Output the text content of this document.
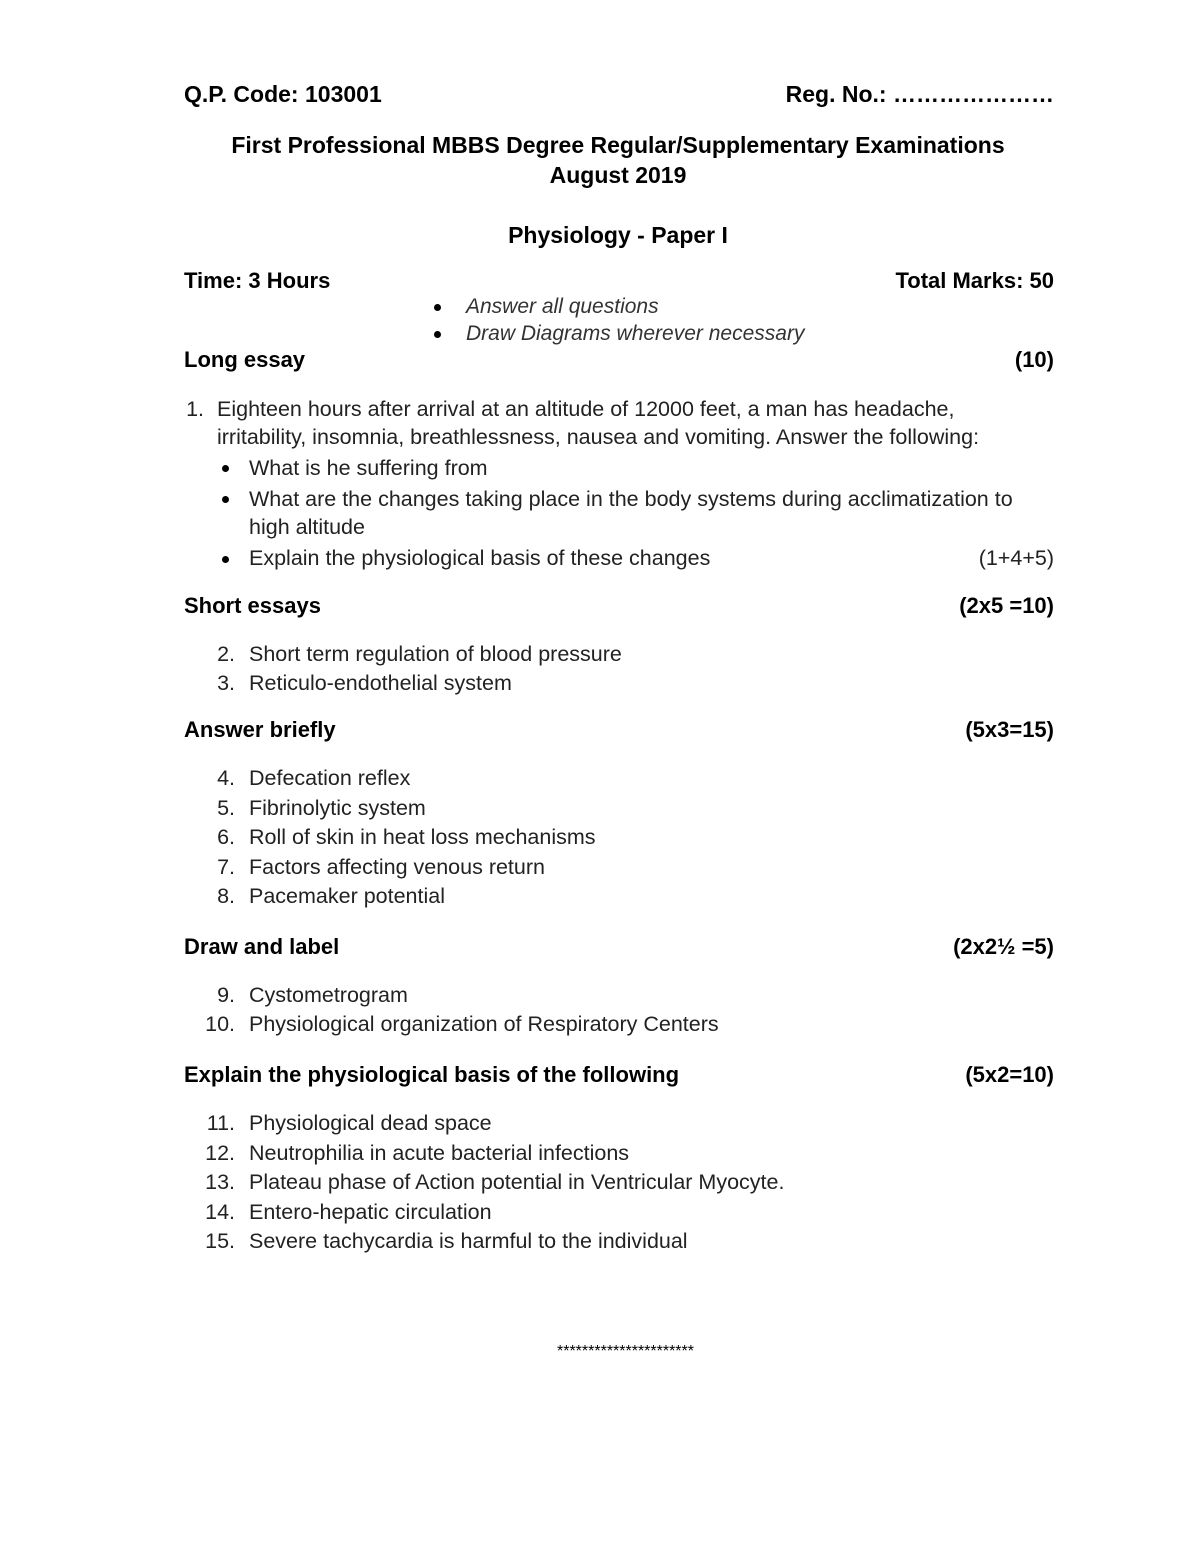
Q.P. Code: 103001	Reg. No.: …………………
First Professional MBBS Degree Regular/Supplementary Examinations
August 2019
Physiology - Paper I
Time: 3 Hours	Total Marks: 50
Answer all questions
Draw Diagrams wherever necessary
Long essay	(10)
1. Eighteen hours after arrival at an altitude of 12000 feet, a man has headache,
irritability, insomnia, breathlessness, nausea and vomiting. Answer the following:
What is he suffering from
What are the changes taking place in the body systems during acclimatization to
high altitude
Explain the physiological basis of these changes	(1+4+5)
Short essays	(2x5 =10)
2. Short term regulation of blood pressure
3. Reticulo-endothelial system
Answer briefly	(5x3=15)
4. Defecation reflex
5. Fibrinolytic system
6. Roll of skin in heat loss mechanisms
7. Factors affecting venous return
8. Pacemaker potential
Draw and label	(2x2½ =5)
9. Cystometrogram
10. Physiological organization of Respiratory Centers
Explain the physiological basis of the following	(5x2=10)
11. Physiological dead space
12. Neutrophilia in acute bacterial infections
13. Plateau phase of Action potential in Ventricular Myocyte.
14. Entero-hepatic circulation
15. Severe tachycardia is harmful to the individual
**********************
